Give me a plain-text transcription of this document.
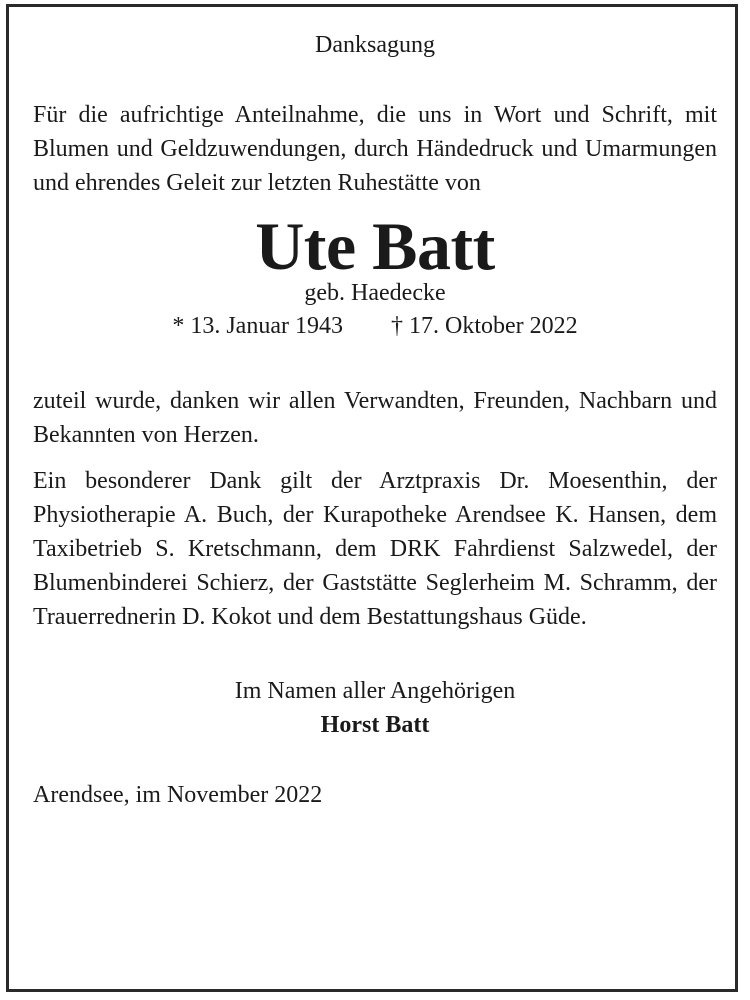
Danksagung

Für die aufrichtige Anteilnahme, die uns in Wort und Schrift, mit Blumen und Geldzuwendungen, durch Händedruck und Umarmungen und ehrendes Geleit zur letzten Ruhestätte von

Ute Batt
geb. Haedecke
* 13. Januar 1943 † 17. Oktober 2022

zuteil wurde, danken wir allen Verwandten, Freunden, Nachbarn und Bekannten von Herzen.

Ein besonderer Dank gilt der Arztpraxis Dr. Moesenthin, der Physiotherapie A. Buch, der Kurapotheke Arendsee K. Hansen, dem Taxibetrieb S. Kretschmann, dem DRK Fahrdienst Salzwedel, der Blumenbinderei Schierz, der Gaststätte Seglerheim M. Schramm, der Trauerrednerin D. Kokot und dem Bestattungshaus Güde.

Im Namen aller Angehörigen
Horst Batt
Arendsee, im November 2022
